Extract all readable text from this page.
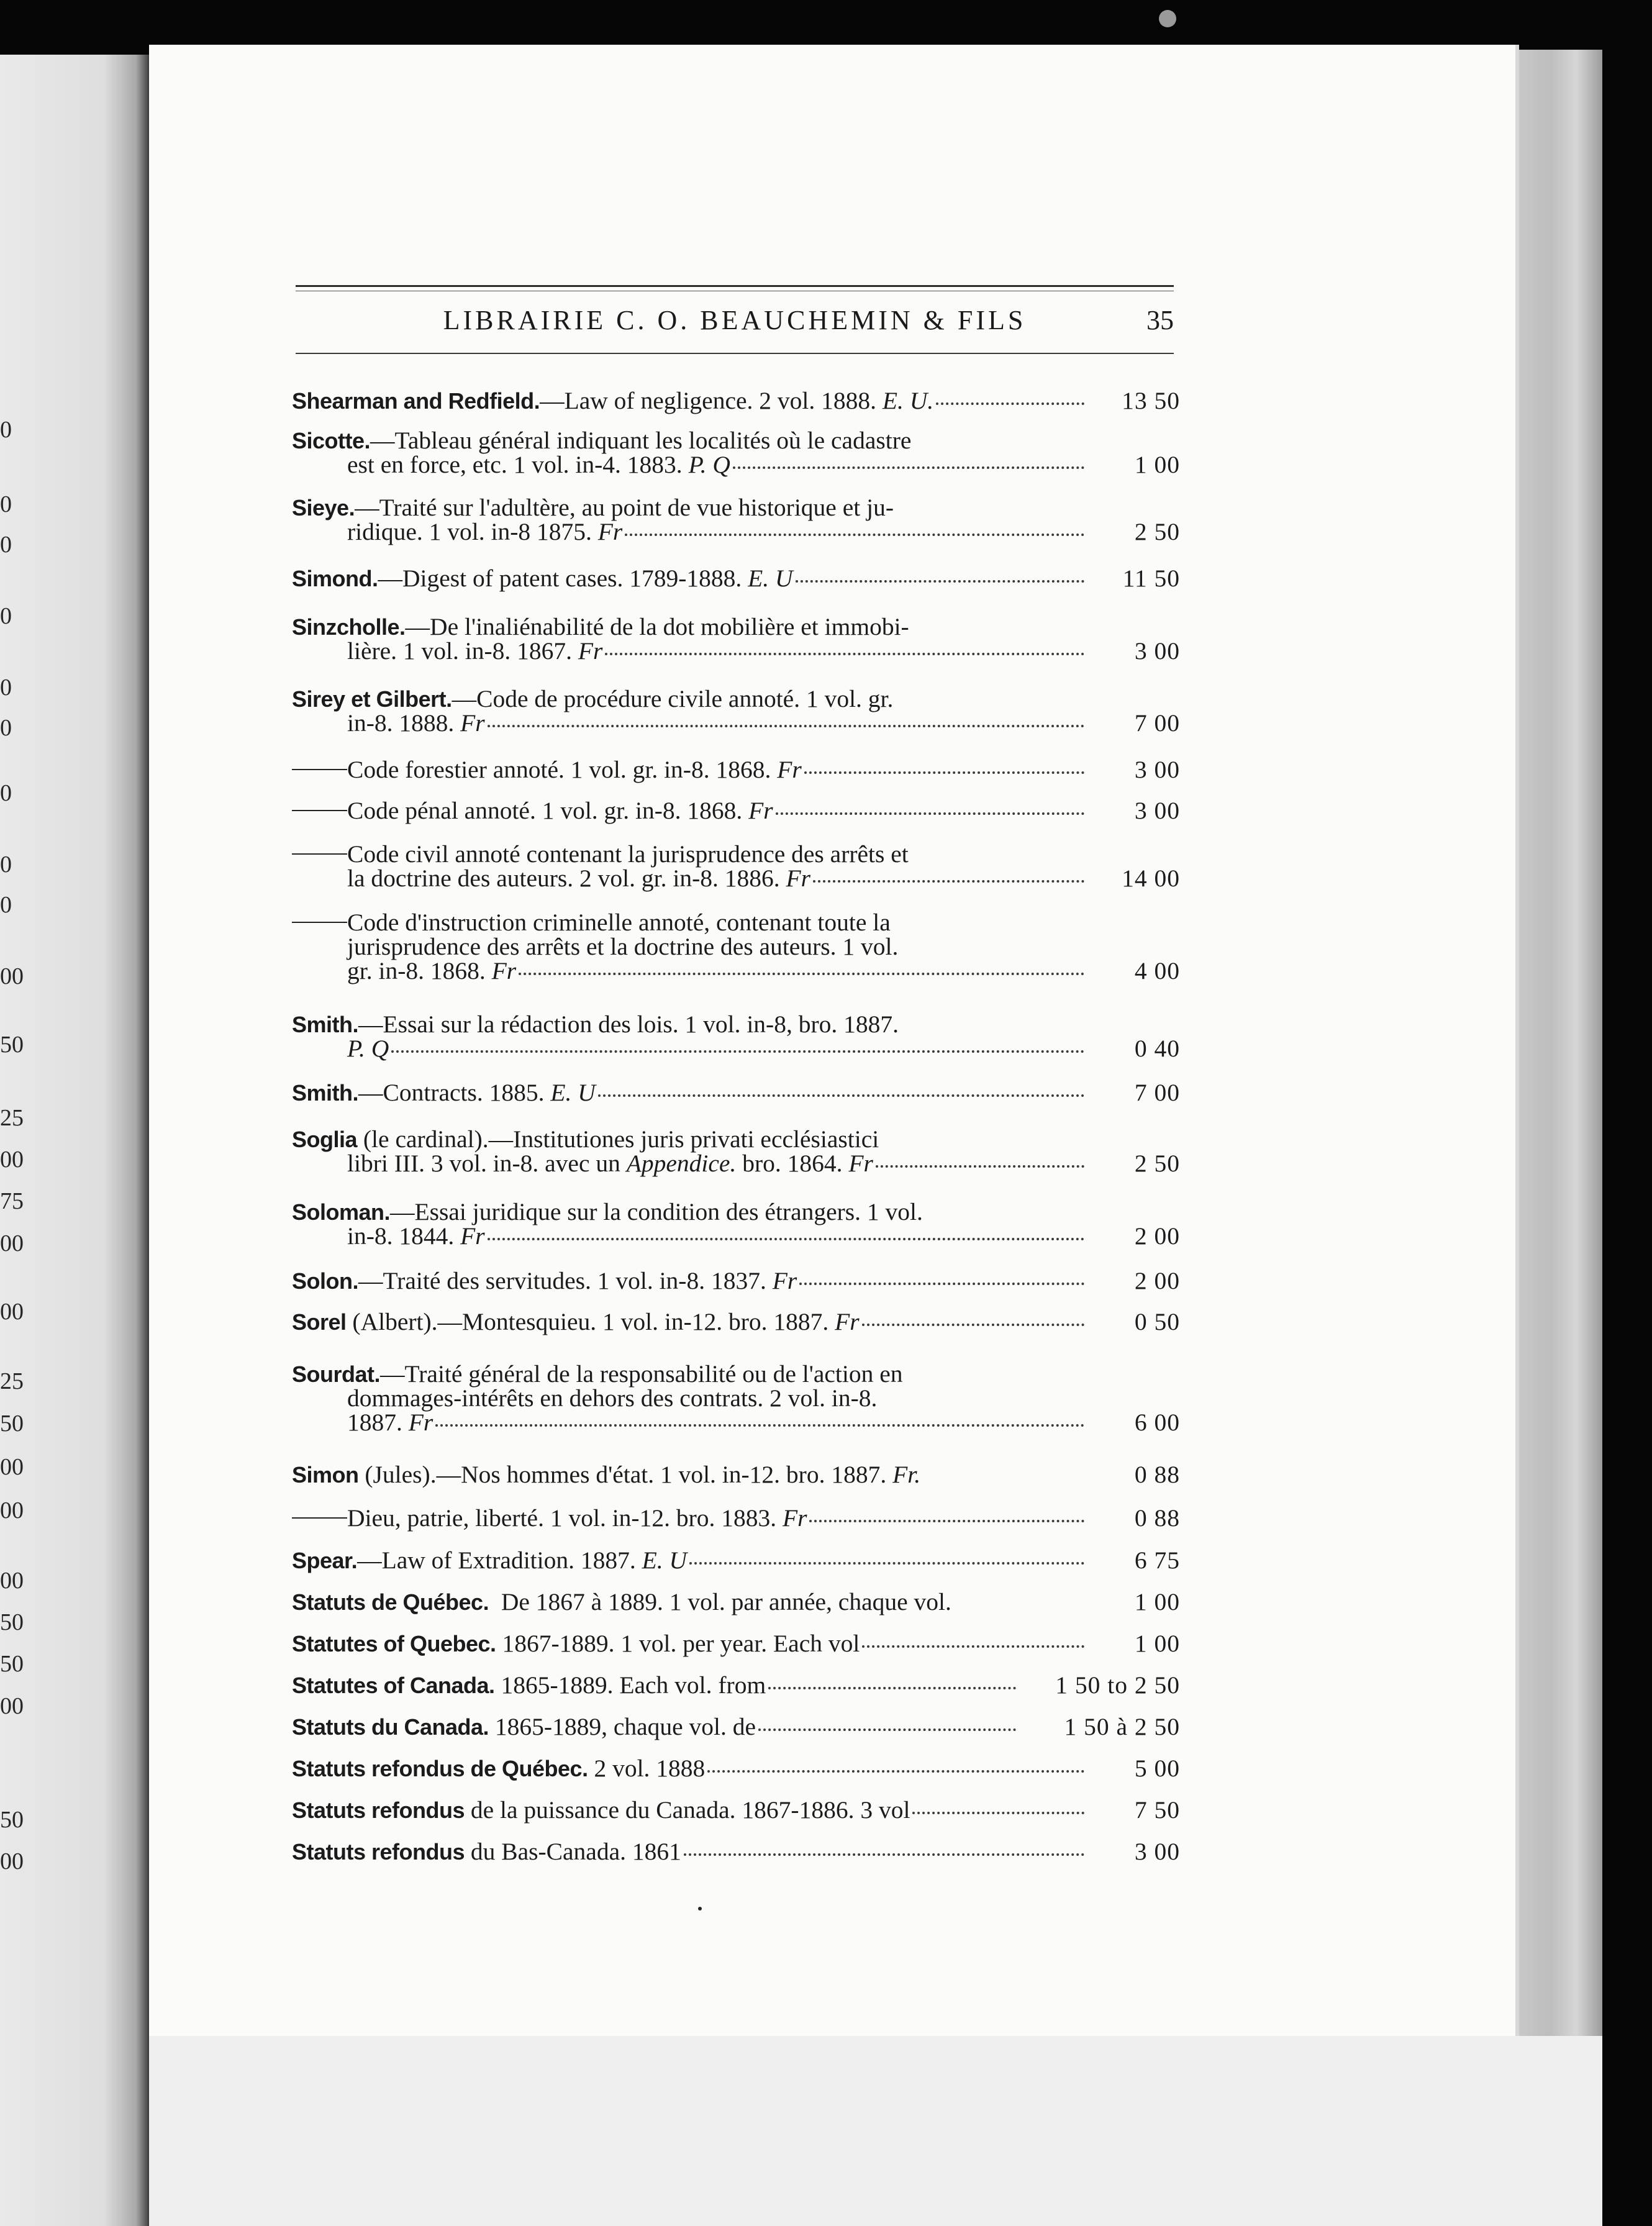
0
0
0
0
0
0
0
0
0
00
50
25
00
75
00
00
25
50
00
00
00
50
50
00
50
00
LIBRAIRIE C. O. BEAUCHEMIN & FILS	35
Shearman and Redfield. —Law of negligence. 2 vol. 1888. E. U.	13 50
Sicotte. —Tableau général indiquant les localités où le cadastre
est en force, etc. 1 vol. in-4. 1883. P. Q	1 00
Sieye. —Traité sur l'adultère, au point de vue historique et ju-
ridique. 1 vol. in-8 1875. Fr	2 50
Simond. —Digest of patent cases. 1789-1888. E. U	11 50
Sinzcholle. —De l'inaliénabilité de la dot mobilière et immobi-
lière. 1 vol. in-8. 1867. Fr	3 00
Sirey et Gilbert. —Code de procédure civile annoté. 1 vol. gr.
in-8. 1888. Fr	7 00
Code forestier annoté. 1 vol. gr. in-8. 1868. Fr	3 00
Code pénal annoté. 1 vol. gr. in-8. 1868. Fr	3 00
Code civil annoté contenant la jurisprudence des arrêts et
la doctrine des auteurs. 2 vol. gr. in-8. 1886. Fr	14 00
Code d'instruction criminelle annoté, contenant toute la
jurisprudence des arrêts et la doctrine des auteurs. 1 vol.
gr. in-8. 1868. Fr	4 00
Smith. —Essai sur la rédaction des lois. 1 vol. in-8, bro. 1887.
P. Q	0 40
Smith. —Contracts. 1885. E. U	7 00
Soglia (le cardinal).—Institutiones juris privati ecclésiastici
libri III. 3 vol. in-8. avec un Appendice. bro. 1864. Fr	2 50
Soloman. —Essai juridique sur la condition des étrangers. 1 vol.
in-8. 1844. Fr	2 00
Solon. —Traité des servitudes. 1 vol. in-8. 1837. Fr	2 00
Sorel (Albert).—Montesquieu. 1 vol. in-12. bro. 1887. Fr	0 50
Sourdat. —Traité général de la responsabilité ou de l'action en
dommages-intérêts en dehors des contrats. 2 vol. in-8.
1887. Fr	6 00
Simon (Jules).—Nos hommes d'état. 1 vol. in-12. bro. 1887. Fr.	0 88
Dieu, patrie, liberté. 1 vol. in-12. bro. 1883. Fr	0 88
Spear. —Law of Extradition. 1887. E. U	6 75
Statuts de Québec. De 1867 à 1889. 1 vol. par année, chaque vol.	1 00
Statutes of Quebec. 1867-1889. 1 vol. per year. Each vol	1 00
Statutes of Canada. 1865-1889. Each vol. from	1 50 to 2 50
Statuts du Canada. 1865-1889, chaque vol. de	1 50 à 2 50
Statuts refondus de Québec. 2 vol. 1888	5 00
Statuts refondus de la puissance du Canada. 1867-1886. 3 vol	7 50
Statuts refondus du Bas-Canada. 1861	3 00
